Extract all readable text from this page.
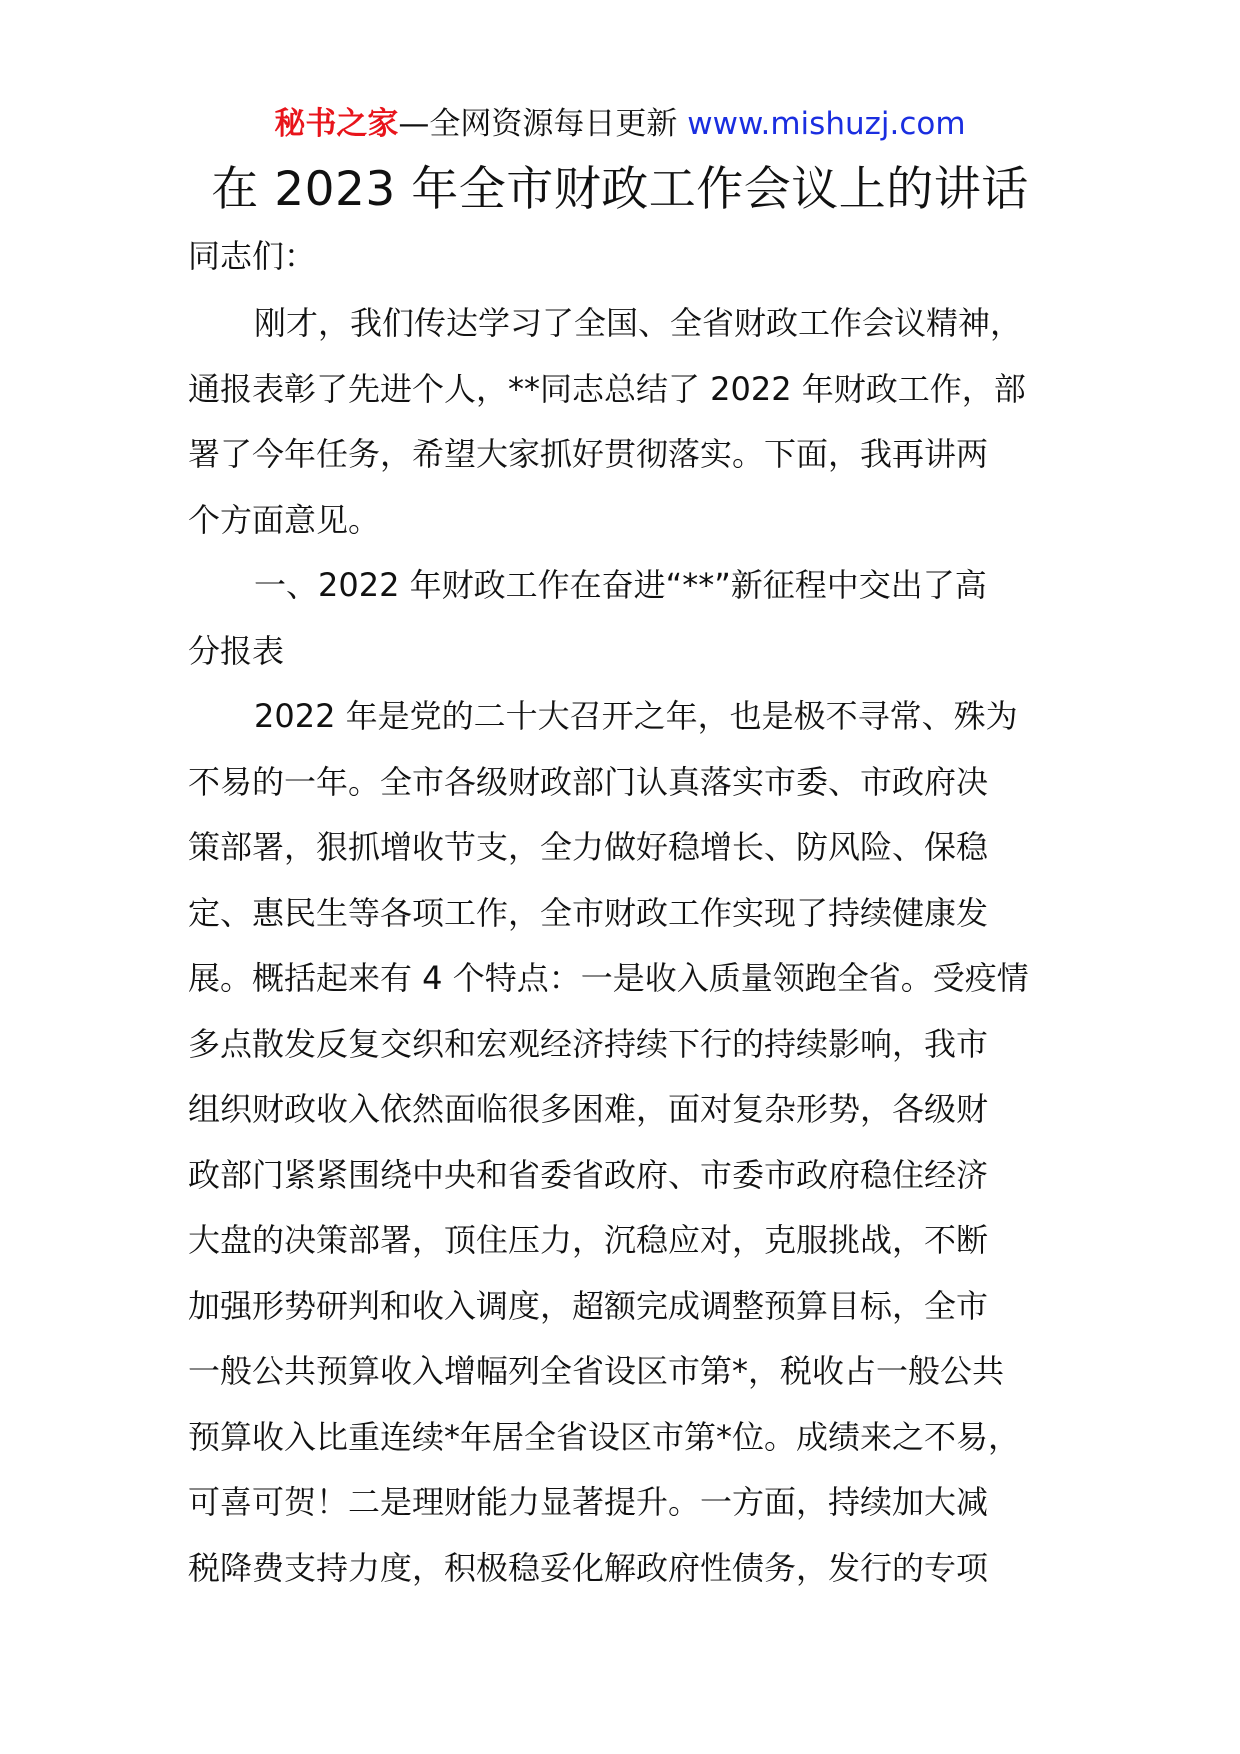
秘书之家—全网资源每日更新 www.mishuzj.com
在 2023 年全市财政工作会议上的讲话

同志们：

刚才，我们传达学习了全国、全省财政工作会议精神，
通报表彰了先进个人，**同志总结了 2022 年财政工作，部
署了今年任务，希望大家抓好贯彻落实。下面，我再讲两
个方面意见。

一、2022 年财政工作在奋进“**”新征程中交出了高
分报表

2022 年是党的二十大召开之年，也是极不寻常、殊为
不易的一年。全市各级财政部门认真落实市委、市政府决
策部署，狠抓增收节支，全力做好稳增长、防风险、保稳
定、惠民生等各项工作，全市财政工作实现了持续健康发
展。概括起来有 4 个特点：一是收入质量领跑全省。受疫情
多点散发反复交织和宏观经济持续下行的持续影响，我市
组织财政收入依然面临很多困难，面对复杂形势，各级财
政部门紧紧围绕中央和省委省政府、市委市政府稳住经济
大盘的决策部署，顶住压力，沉稳应对，克服挑战，不断
加强形势研判和收入调度，超额完成调整预算目标，全市
一般公共预算收入增幅列全省设区市第*，税收占一般公共
预算收入比重连续*年居全省设区市第*位。成绩来之不易，
可喜可贺！二是理财能力显著提升。一方面，持续加大减
税降费支持力度，积极稳妥化解政府性债务，发行的专项
